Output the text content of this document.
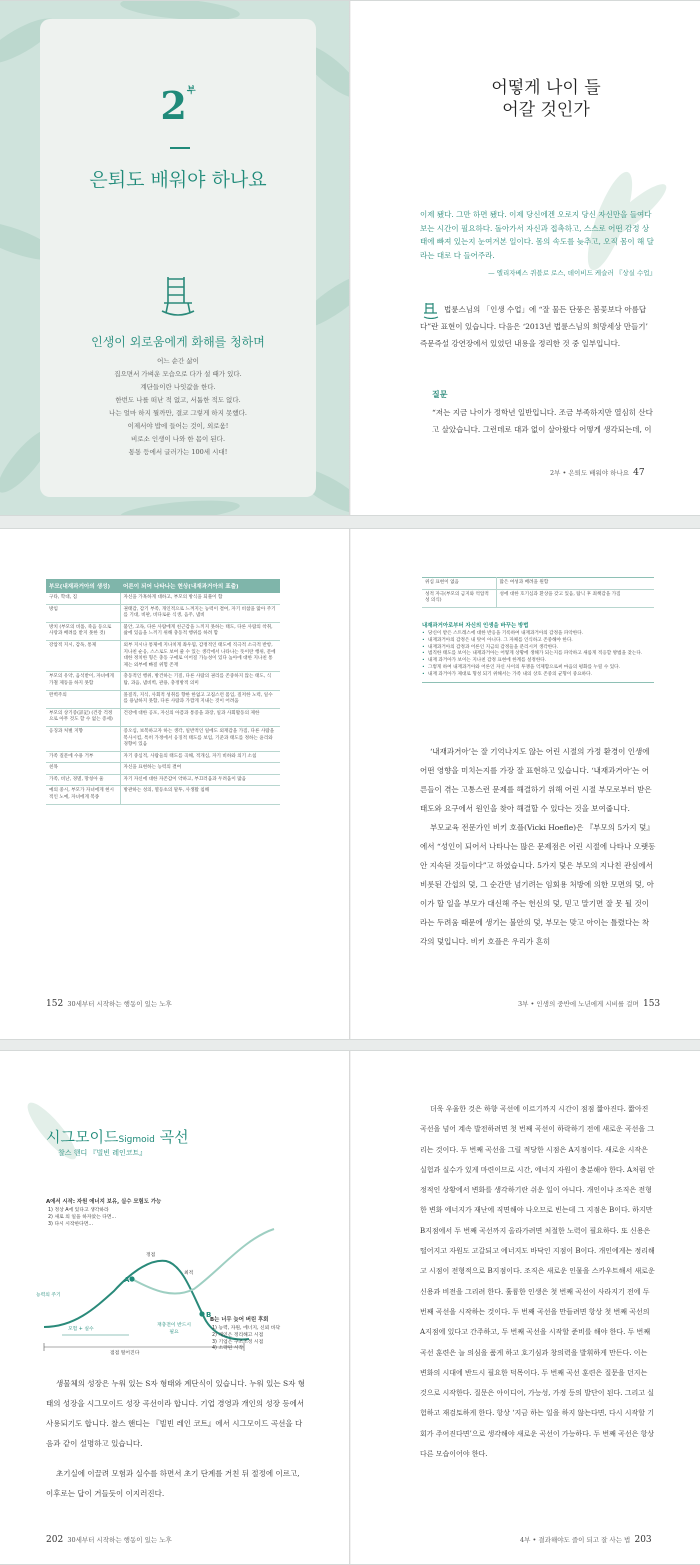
$2^부$
은퇴도 배워야 하나요
인생이 외로움에게 화해를 청하며
어느 순간 삶이
집으면서 가벼운 모습으로 다가 설 때가 있다.
계단들이란 나잇값을 한다.
한번도 나를 떠난 적 없고, 서툼한 적도 없다.
나는 얼마 하지 뭘까만, 결코 그렇게 하지 못했다.
이제서야 밥에 들어는 것이, 외로움!
비로소 인생이 나와 한 몸이 된다.
통통 등에서 글러가는 100세 시대!
어떻게 나이 들어갈 것인가
이제 됐다. 그만 하면 됐다. 이제 당신에겐 오로지 당신 자신만을 들여다 보는 시간이 필요하다. 돌아가서 자신과 접촉하고, 스스로 어떤 감정 상태에 빠져 있는지 눈여겨본 일이다. 몸의 속도를 늦추고, 오직 몸이 해 달라는 대로 다 들어주라.
— 엘리자베스 퀴블로 로스, 데이비드 케슬러 『상실 수업』
법륜스님의 「인생 수업」에 “잘 물든 단풍은 봄꽃보다 아름답다”란 표현이 있습니다. 다음은 ‘2013년 법륜스님의 희망세상 만들기’ 즉문즉설 강연장에서 있었던 내용을 정리한 것 중 일부입니다.
질문
“저는 지금 나이가 정학년 일반입니다. 조금 부족하지만 열심히 산다고 살았습니다. 그런데로 대과 없이 살아왔다 어떻게 생각되는데, 이
2부 • 은퇴도 배워야 하나요 47
부모(내재과거아의 생성)	어른이 되어 나타나는 현상(내재과거아의 표출)
구타, 학대, 짐	자신을 가혹하게 대하고, 부모의 방식을 되풀이 함
방임	권태감, 감기 부족, 개인적으로 느껴지는 능력이 결여, 자기 비참을 앓아 주기를 기대, 비판, 비다로운 식생, 음주, 냄비
방치 (부모의 비틀, 죽음 등으로 사랑과 배려를 받지 못한 것)	불안, 고독, 다른 사람에게 친근감을 느끼지 못하는 태도, 다른 사람의 착취, 삶에 있음을 느끼기 위해 충동적 행위를 하려 함
강압적 지시, 감독, 통제	외부 지시나 통제에 지나치게 좌우됨, 감정적인 태도에 직극적 소극적 반항, 지나친 순응, 스스로도 보여 줄 수 있는 생각에서 나타나는 뜻이란 행위, 문에 대한 정치한 형은 충동 구애로 이어질 가능성이 있다 높아에 대한 지나친 통제는 외부에 빠질 위험 존재
부모의 유약, 음석받이, 자녀에게 가철 제동을 하지 못함	충동적인 행위, 방건하는 기질, 다른 사람의 권리를 존중하지 않는 태도, 식탐, 과음, 냄비벽, 관용, 충정방적 의미
완벽주의	몰질직, 지식, 사회적 성취를 향한 한없고 고집스런 몸입, 질저한 노력, 일수를 용납하지 못함, 다른 사람과 가깝게 지내는 것이 어려움
부모의 상기증(詳記) (건강 걱정으로 아무 것도 할 수 없는 증세)	건강에 대한 공포, 자신의 아픔과 통증을 과장, 일과 사회활동의 제한
응징과 처벌 지향	증오심, 보복하고자 하는 생각, 일반적인 일에도 외재감을 가짐, 다른 사람을 복사시킴, 특히 가정에서 응징적 태도를 보임, 기준과 태도를 정하는 윤리와 경향이 있음
가족 질문에 수용 거부	자기 중심적, 사람들의 태도를 곡해, 적개심, 자기 비하와 의기 소침
친목	자신을 표현하는 능력의 결여
가족, 비난, 경멸, 망칭아 울	자기 자신에 대한 자존감이 약하고, 부끄러움과 두려움이 많음
예의 중시, 부모가 자녀에게 현시적인 노예, 자녀에게 복종	방관하는 성의, 열등초의 말투, 사생활 침해
152 30세부터 시작하는 행동이 있는 노후
위심 표현이 없음	많은 여성과 배려을 원함
성적 자극(부모의 금지와 억압적 성 의식)	성에 대한 호기심과 환상을 갖고 있음, 탐닉 후 죄책감을 가짐
내재과거아로부터 자신의 인생을 바꾸는 방법
• 당신이 받은 스트레스에 대한 반응을 기록하여 내재과거아의 감정을 파악한다.
• 내재과거아의 감정은 내 탓이 아니다. 그 자체를 인식하고 존중해야 한다.
• 내재과거아의 감정과 어른인 지금의 감정들을 분리시켜 생각한다.
• 범직한 태도를 보이는 내재과거아는 어떻게 상황에 생해가 되는지를 파악하고 새롭게 적응할 방법을 찾는다.
• 내재 과거아가 보이는 지나친 감정 표현에 한계를 설정한다.
• 그렇게 하여 내재과거아와 어른인 자신 사이의 투쟁을 억제함으로써 마음의 평화를 누릴 수 있다.
• 내재 과거아가 제대로 형성 되기 위해서는 가족 내의 상호 존중의 균형이 중요하다.

‘내재과거아’는 잘 기억나지도 않는 어린 시절의 가정 환경이 인생에 어떤 영향을 미치는지를 가장 잘 표현하고 있습니다. ‘내재과거아’는 어른들이 겪는 고통스런 문제를 해결하기 위해 어린 시절 부모로부터 받은 태도와 요구에서 원인을 찾아 해결할 수 있다는 것을 보여줍니다.

부모교육 전문가인 비키 호플(Vicki Hoefle)은 『부모의 5가지 덫』에서 “성인이 되어서 나타나는 많은 문제점은 어린 시절에 나타나 오랫동안 지속된 것들이다”고 하였습니다. 5가지 덫은 부모의 지나친 관심에서 비롯된 간섭의 덫, 그 순간만 넘기려는 임회용 처방에 의한 모면의 덫, 아이가 할 일을 부모가 대신해 주는 헌신의 덫, 믿고 말기면 잘 못 될 것이라는 두려움 때문에 생기는 불안의 덫, 부모는 맞고 아이는 틀렸다는 착각의 덫입니다. 비키 호플은 우리가 흔히

3부 • 인생의 중반에 노년에게 시비를 걸며 153
시그모이드Sigmoid 곡선
찰스 핸디 『빌빈 레인코트』
A에서 시작: 자원 에너지 보유, 실수 모험도 가능
1) 정상 A에 있다고 생각하라
2) 새로 의 일을 하자았는 다면...
3) 다시 시작한다면...
정점
최적
능력의 주기
A
B
모험 + 실수
재충전이 반드시 필요
B는 너무 늦어 버린 후회
1) 능력, 자원, 에너지, 신뢰 바닥
2) 개인은 정리해고 시점
3) 기업은 구조조정 시점
4) 소략된 시작
점점 떨어진다

생물체의 성장은 누워 있는 S자 형태와 계단식이 있습니다. 누워 있는 S자 형태의 성장을 시그모이드 성장 곡선이라 합니다. 기업 경영과 개인의 성장 등에서 사용되기도 합니다. 찰스 핸디는 『빌빈 레인 코트』에서 시그모이드 곡선을 다음과 같이 설명하고 있습니다.

초기실에 이끌려 모험과 실수를 하면서 초기 단계를 거친 뒤 절정에 이르고, 이후로는 답이 거들듯이 이지러진다.

202 30세부터 시작하는 행동이 있는 노후
더욱 우울한 것은 하향 곡선에 이르기까지 시간이 점점 짧아진다. 짧아진 곡선을 넘어 계속 발전하려면 첫 번째 곡선이 하락하기 전에 새로운 곡선을 그리는 것이다. 두 번째 곡선을 그릴 적당한 시점은 A지점이다. 새로운 시작은 실험과 실수가 있게 마련이므로 시간, 에너지 자원이 충분해야 한다. A처럼 안정적인 상황에서 변화를 생각하기란 쉬운 일이 아니다. 개인이나 조직은 전형한 변화 에너지가 재난에 직면해야 나오므로 빈는데 그 지점은 B이다. 하지만 B지점에서 두 번째 곡선까지 올라가려면 처절한 노력이 필요하다. 또 신용은 떨어지고 자원도 고갈되고 에너지도 바닥인 지점이 B이다. 개인에게는 정리해고 시점이 전형적으로 B지점이다. 조직은 새로운 인물을 스카우트해서 새로운 신용과 비전을 그리려 한다. 훌륭한 인생은 첫 번째 곡선이 사라지기 전에 두 번째 곡선을 시작하는 것이다. 두 번째 곡선을 만들려면 항상 첫 번째 곡선의 A지점에 있다고 간주하고, 두 번째 곡선을 시작할 준비를 해야 한다. 두 번째 곡선 훈련은 늘 의심을 품게 하고 호기심과 창의력을 발휘하게 만든다. 이는 변화의 시대에 반드시 필요한 덕목이다. 두 번째 곡선 훈련은 질문을 던지는 것으로 시작한다. 질문은 아이디어, 가능성, 가정 등의 발단이 된다. 그리고 실험하고 재검토하게 한다. 항상 ‘지금 하는 일을 하지 않는다면, 다시 시작할 기회가 주어진다면’으로 생각해야 새로운 곡선이 가능하다. 두 번째 곡선은 항상 다른 모습이어야 한다.
4부 • 결과해야도 즐이 되고 잘 사는 법 203
